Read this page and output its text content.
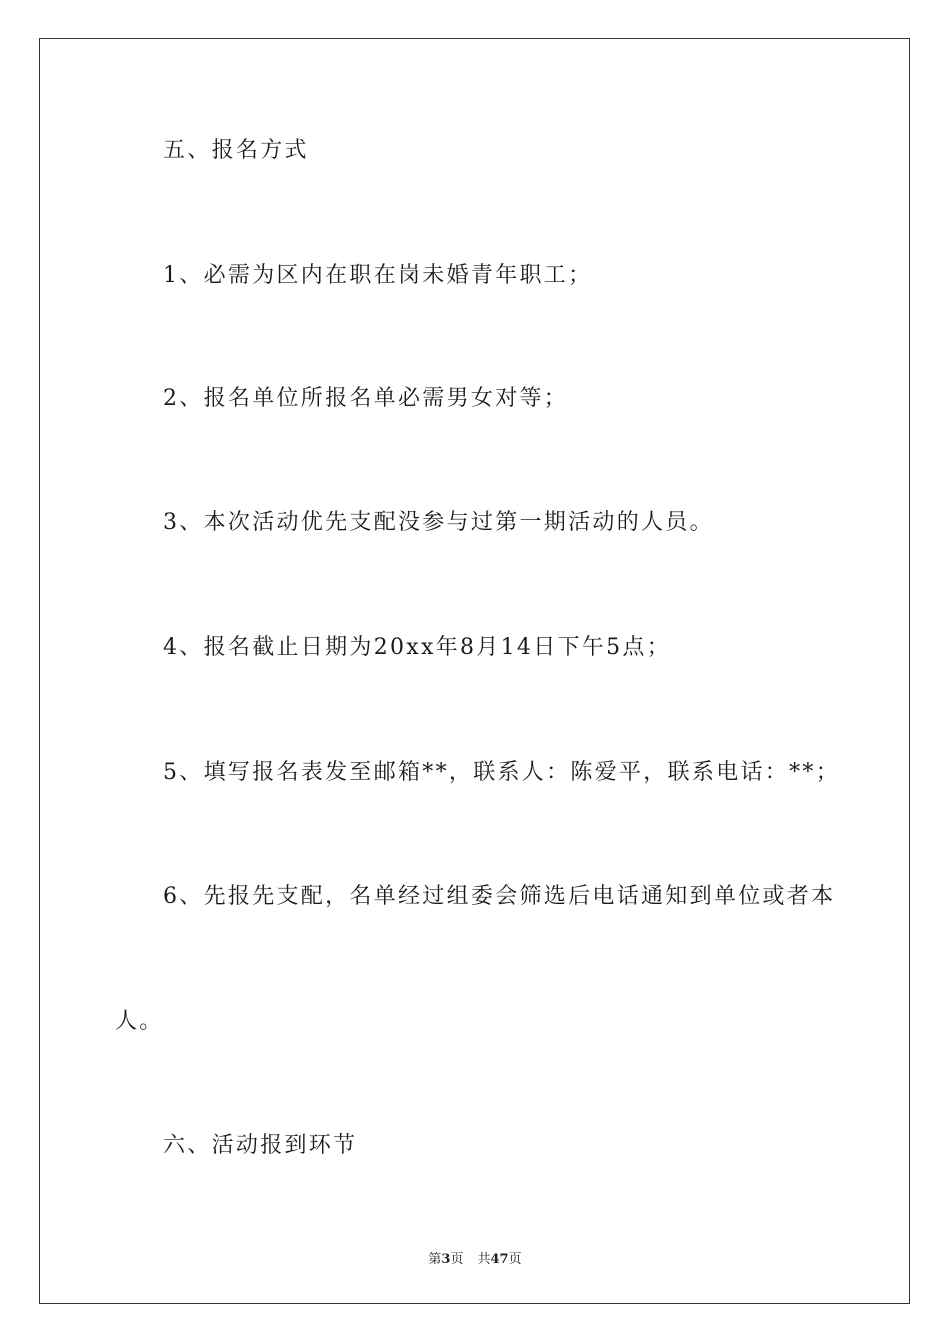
五、报名方式
1、必需为区内在职在岗未婚青年职工；
2、报名单位所报名单必需男女对等；
3、本次活动优先支配没参与过第一期活动的人员。
4、报名截止日期为20xx年8月14日下午5点；
5、填写报名表发至邮箱**，联系人：陈爱平，联系电话：**；
6、先报先支配，名单经过组委会筛选后电话通知到单位或者本
人。
六、活动报到环节
第3页 共47页
